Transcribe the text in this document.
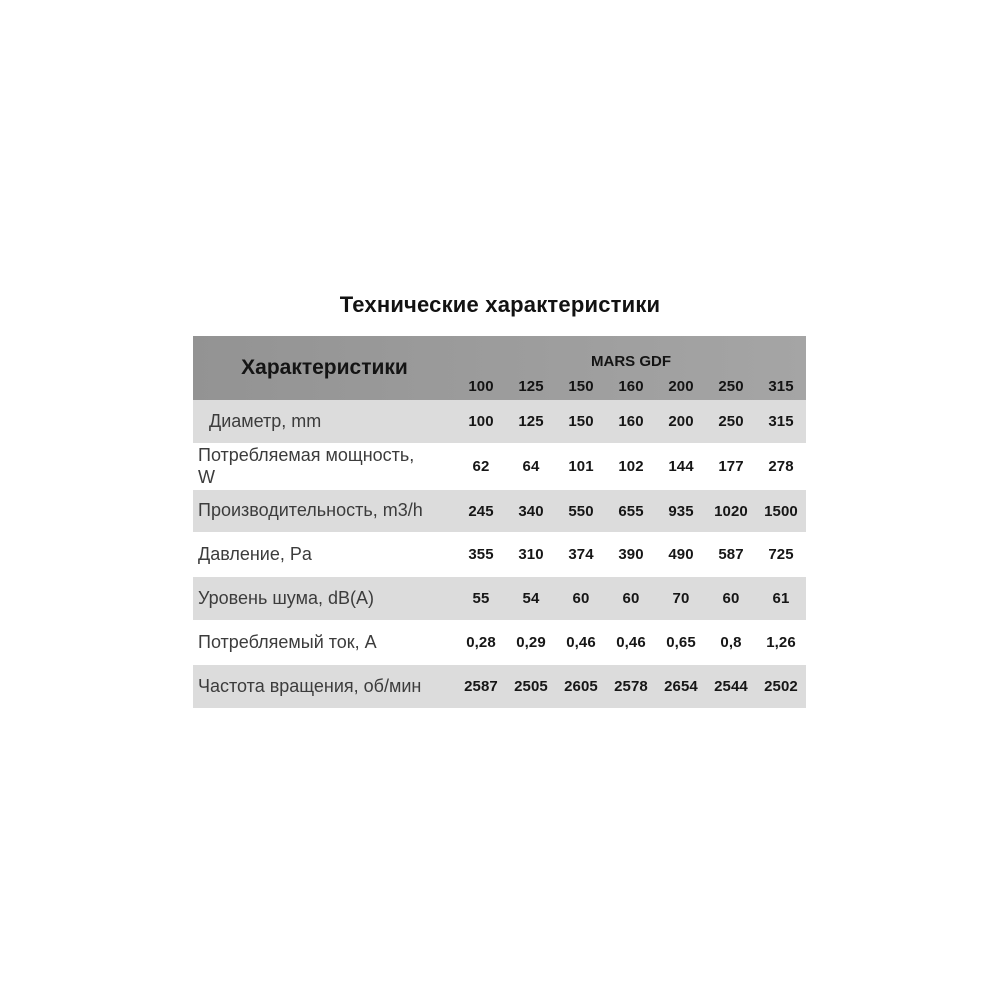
Технические характеристики
Характеристики	MARS GDF
100	125	150	160	200	250	315
Диаметр, mm	100	125	150	160	200	250	315
Потребляемая мощность, W	62	64	101	102	144	177	278
Производительность, m3/h	245	340	550	655	935	1020	1500
Давление, Pa	355	310	374	390	490	587	725
Уровень шума, dB(A)	55	54	60	60	70	60	61
Потребляемый ток, А	0,28	0,29	0,46	0,46	0,65	0,8	1,26
Частота вращения, об/мин	2587	2505	2605	2578	2654	2544	2502
